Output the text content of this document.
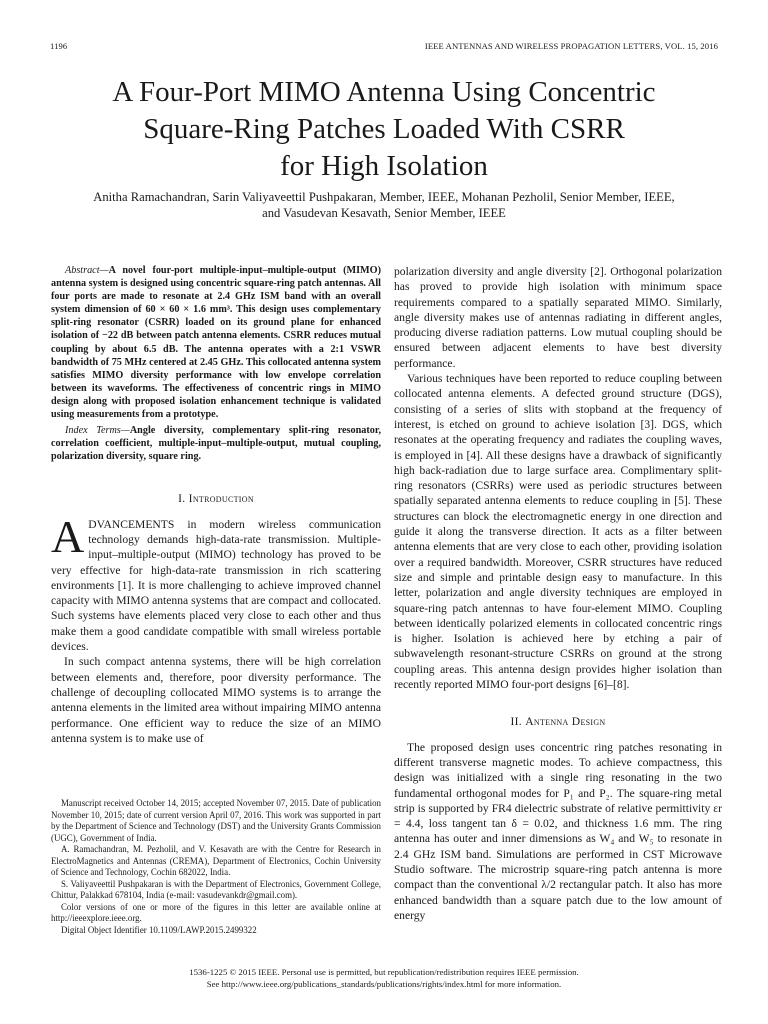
1196	IEEE ANTENNAS AND WIRELESS PROPAGATION LETTERS, VOL. 15, 2016
A Four-Port MIMO Antenna Using Concentric
Square-Ring Patches Loaded With CSRR
for High Isolation
Anitha Ramachandran, Sarin Valiyaveettil Pushpakaran, Member, IEEE, Mohanan Pezholil, Senior Member, IEEE,
and Vasudevan Kesavath, Senior Member, IEEE

Abstract—A novel four-port multiple-input–multiple-output (MIMO) antenna system is designed using concentric square-ring patch antennas. All four ports are made to resonate at 2.4 GHz ISM band with an overall system dimension of 60 × 60 × 1.6 mm³. This design uses complementary split-ring resonator (CSRR) loaded on its ground plane for enhanced isolation of −22 dB between patch antenna elements. CSRR reduces mutual coupling by about 6.5 dB. The antenna operates with a 2:1 VSWR bandwidth of 75 MHz centered at 2.45 GHz. This collocated antenna system satisfies MIMO diversity performance with low envelope correlation between its waveforms. The effectiveness of concentric rings in MIMO design along with proposed isolation enhancement technique is validated using measurements from a prototype.

Index Terms—Angle diversity, complementary split-ring resonator, correlation coefficient, multiple-input–multiple-output, mutual coupling, polarization diversity, square ring.

I. Introduction

ADVANCEMENTS in modern wireless communication technology demands high-data-rate transmission. Multiple-input–multiple-output (MIMO) technology has proved to be very effective for high-data-rate transmission in rich scattering environments [1]. It is more challenging to achieve improved channel capacity with MIMO antenna systems that are compact and collocated. Such systems have elements placed very close to each other and thus make them a good candidate compatible with small wireless portable devices.

In such compact antenna systems, there will be high correlation between elements and, therefore, poor diversity performance. The challenge of decoupling collocated MIMO systems is to arrange the antenna elements in the limited area without impairing MIMO antenna performance. One efficient way to reduce the size of an MIMO antenna system is to make use of

Manuscript received October 14, 2015; accepted November 07, 2015. Date of publication November 10, 2015; date of current version April 07, 2016. This work was supported in part by the Department of Science and Technology (DST) and the University Grants Commission (UGC), Government of India.

A. Ramachandran, M. Pezholil, and V. Kesavath are with the Centre for Research in ElectroMagnetics and Antennas (CREMA), Department of Electronics, Cochin University of Science and Technology, Cochin 682022, India.

S. Valiyaveettil Pushpakaran is with the Department of Electronics, Government College, Chittur, Palakkad 678104, India (e-mail: vasudevankdr@gmail.com).

Color versions of one or more of the figures in this letter are available online at http://ieeexplore.ieee.org.

Digital Object Identifier 10.1109/LAWP.2015.2499322

polarization diversity and angle diversity [2]. Orthogonal polarization has proved to provide high isolation with minimum space requirements compared to a spatially separated MIMO. Similarly, angle diversity makes use of antennas radiating in different angles, producing diverse radiation patterns. Low mutual coupling should be ensured between adjacent elements to have best diversity performance.

Various techniques have been reported to reduce coupling between collocated antenna elements. A defected ground structure (DGS), consisting of a series of slits with stopband at the frequency of interest, is etched on ground to achieve isolation [3]. DGS, which resonates at the operating frequency and radiates the coupling waves, is employed in [4]. All these designs have a drawback of significantly high back-radiation due to large surface area. Complimentary split-ring resonators (CSRRs) were used as periodic structures between spatially separated antenna elements to reduce coupling in [5]. These structures can block the electromagnetic energy in one direction and guide it along the transverse direction. It acts as a filter between antenna elements that are very close to each other, providing isolation over a required bandwidth. Moreover, CSRR structures have reduced size and simple and printable design easy to manufacture. In this letter, polarization and angle diversity techniques are employed in square-ring patch antennas to have four-element MIMO. Coupling between identically polarized elements in collocated concentric rings is higher. Isolation is achieved here by etching a pair of subwavelength resonant-structure CSRRs on ground at the strong coupling areas. This antenna design provides higher isolation than recently reported MIMO four-port designs [6]–[8].

II. Antenna Design

The proposed design uses concentric ring patches resonating in different transverse magnetic modes. To achieve compactness, this design was initialized with a single ring resonating in the two fundamental orthogonal modes for P₁ and P₂. The square-ring metal strip is supported by FR4 dielectric substrate of relative permittivity εr = 4.4, loss tangent tan δ = 0.02, and thickness 1.6 mm. The ring antenna has outer and inner dimensions as W₄ and W₅ to resonate in 2.4 GHz ISM band. Simulations are performed in CST Microwave Studio software. The microstrip square-ring patch antenna is more compact than the conventional λ/2 rectangular patch. It also has more enhanced bandwidth than a square patch due to the low amount of energy

1536-1225 © 2015 IEEE. Personal use is permitted, but republication/redistribution requires IEEE permission.
See http://www.ieee.org/publications_standards/publications/rights/index.html for more information.
